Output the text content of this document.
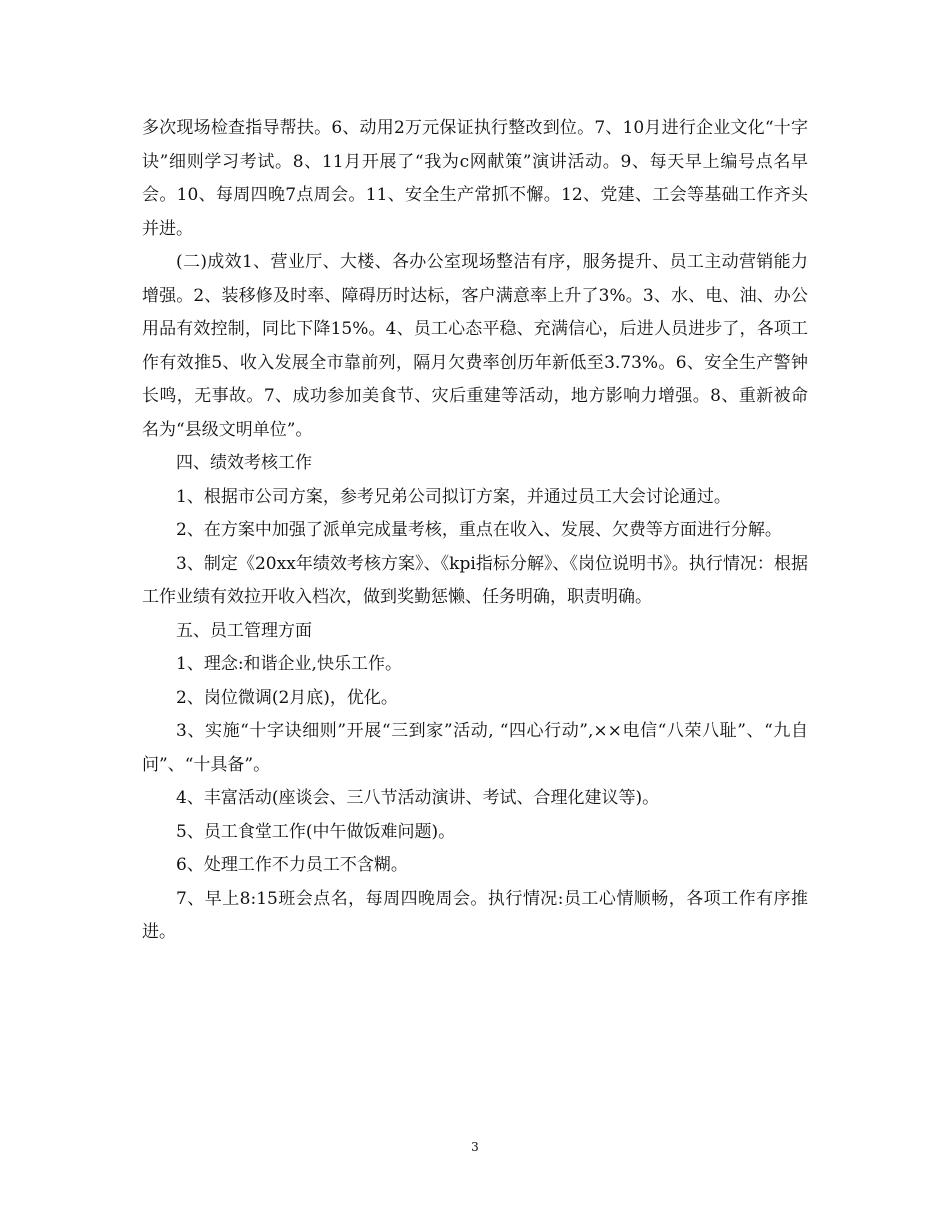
多次现场检查指导帮扶。6、动用2万元保证执行整改到位。7、10月进行企业文化“十字诀”细则学习考试。8、11月开展了“我为c网献策”演讲活动。9、每天早上编号点名早会。10、每周四晚7点周会。11、安全生产常抓不懈。12、党建、工会等基础工作齐头并进。

(二)成效1、营业厅、大楼、各办公室现场整洁有序，服务提升、员工主动营销能力增强。2、装移修及时率、障碍历时达标，客户满意率上升了3%。3、水、电、油、办公用品有效控制，同比下降15%。4、员工心态平稳、充满信心，后进人员进步了，各项工作有效推5、收入发展全市靠前列，隔月欠费率创历年新低至3.73%。6、安全生产警钟长鸣，无事故。7、成功参加美食节、灾后重建等活动，地方影响力增强。8、重新被命名为“县级文明单位”。

四、绩效考核工作

1、根据市公司方案，参考兄弟公司拟订方案，并通过员工大会讨论通过。

2、在方案中加强了派单完成量考核，重点在收入、发展、欠费等方面进行分解。

3、制定《20xx年绩效考核方案》、《kpi指标分解》、《岗位说明书》。执行情况：根据工作业绩有效拉开收入档次，做到奖勤惩懒、任务明确，职责明确。

五、员工管理方面

1、理念:和谐企业,快乐工作。

2、岗位微调(2月底)，优化。

3、实施“十字诀细则”开展“三到家”活动, “四心行动”,××电信“八荣八耻”、“九自问”、“十具备”。

4、丰富活动(座谈会、三八节活动演讲、考试、合理化建议等)。

5、员工食堂工作(中午做饭难问题)。

6、处理工作不力员工不含糊。

7、早上8:15班会点名，每周四晚周会。执行情况:员工心情顺畅，各项工作有序推进。

3
